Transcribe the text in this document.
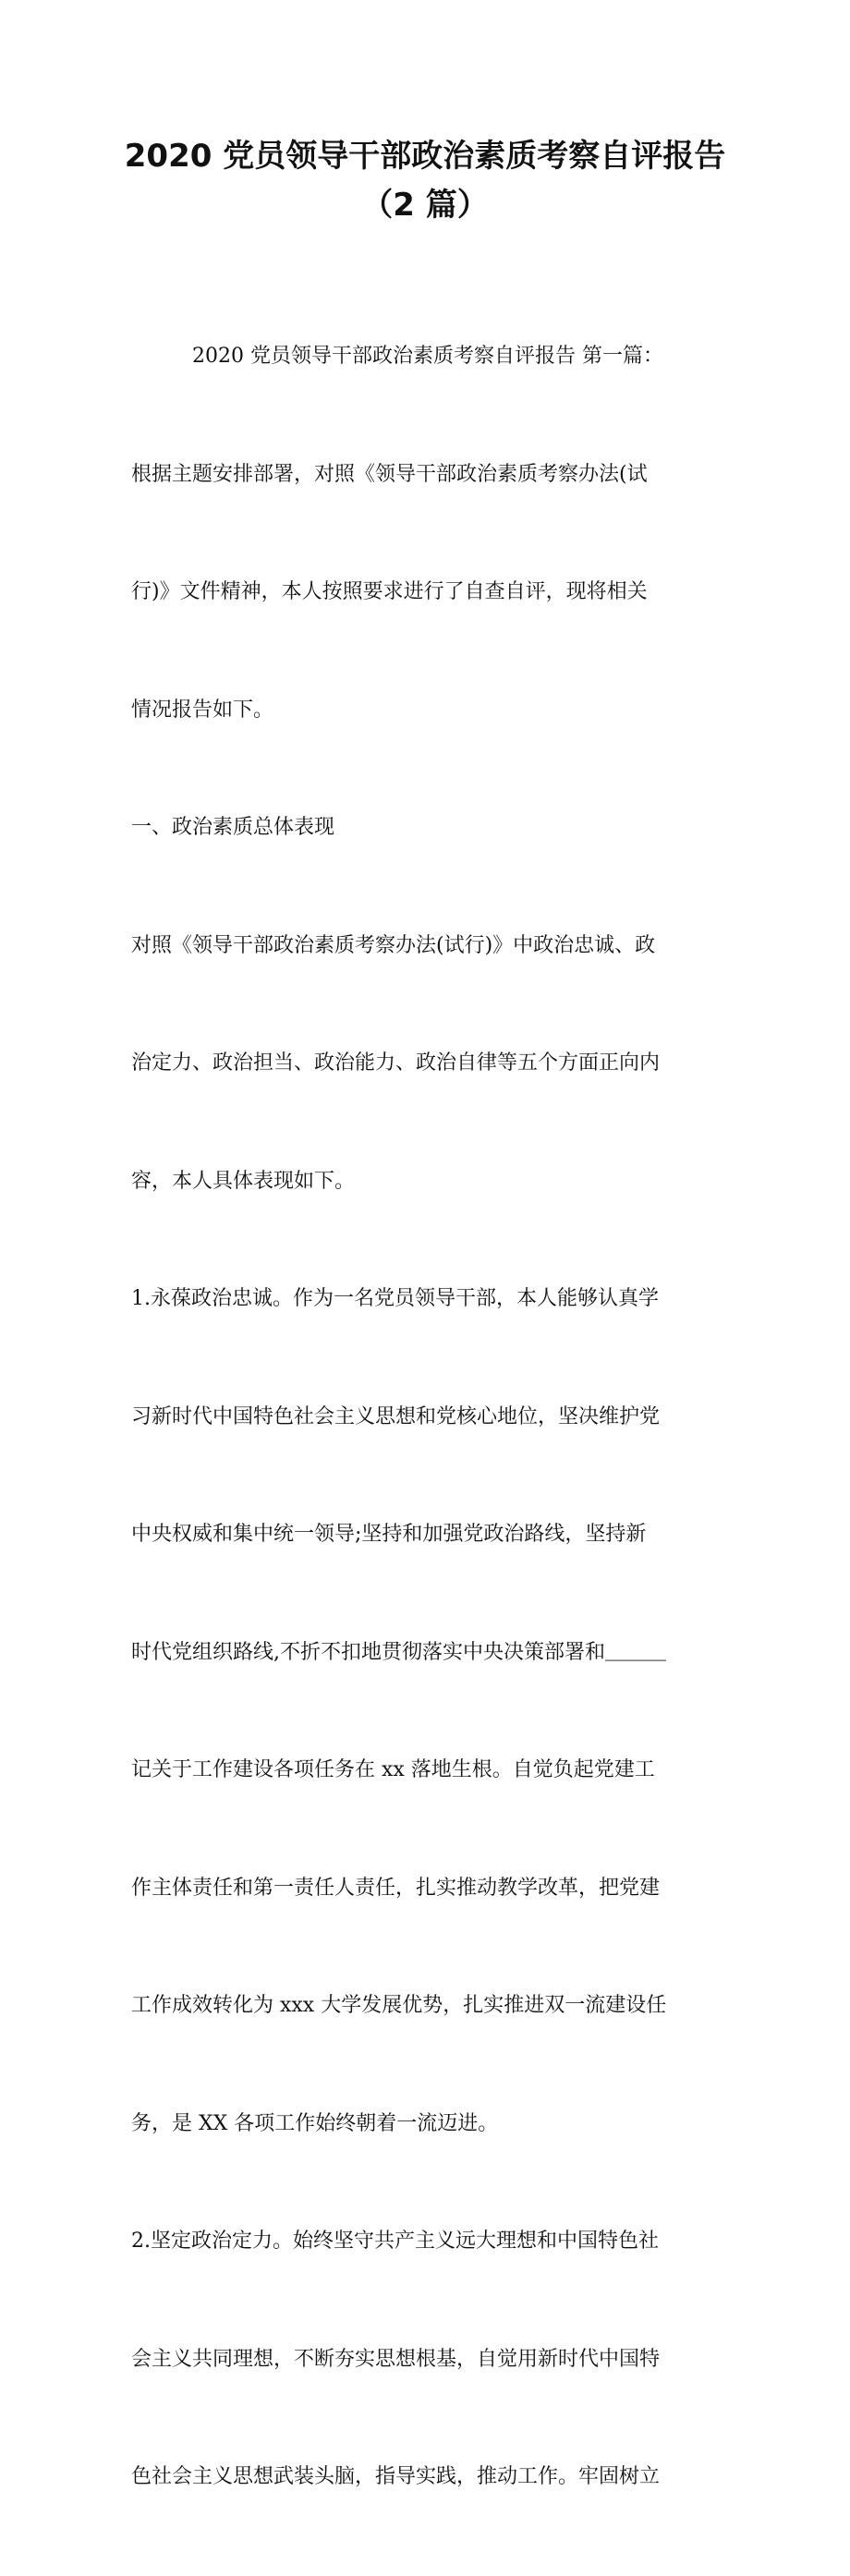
2020 党员领导干部政治素质考察自评报告
（2 篇）

　　　2020 党员领导干部政治素质考察自评报告 第一篇：

根据主题安排部署，对照《领导干部政治素质考察办法(试

行)》文件精神，本人按照要求进行了自查自评，现将相关

情况报告如下。

一、政治素质总体表现

对照《领导干部政治素质考察办法(试行)》中政治忠诚、政

治定力、政治担当、政治能力、政治自律等五个方面正向内

容，本人具体表现如下。

1.永葆政治忠诚。作为一名党员领导干部，本人能够认真学

习新时代中国特色社会主义思想和党核心地位，坚决维护党

中央权威和集中统一领导;坚持和加强党政治路线，坚持新

时代党组织路线,不折不扣地贯彻落实中央决策部署和＿＿＿

记关于工作建设各项任务在 xx 落地生根。自觉负起党建工

作主体责任和第一责任人责任，扎实推动教学改革，把党建

工作成效转化为 xxx 大学发展优势，扎实推进双一流建设任

务，是 XX 各项工作始终朝着一流迈进。

2.坚定政治定力。始终坚守共产主义远大理想和中国特色社

会主义共同理想，不断夯实思想根基，自觉用新时代中国特

色社会主义思想武装头脑，指导实践，推动工作。牢固树立
